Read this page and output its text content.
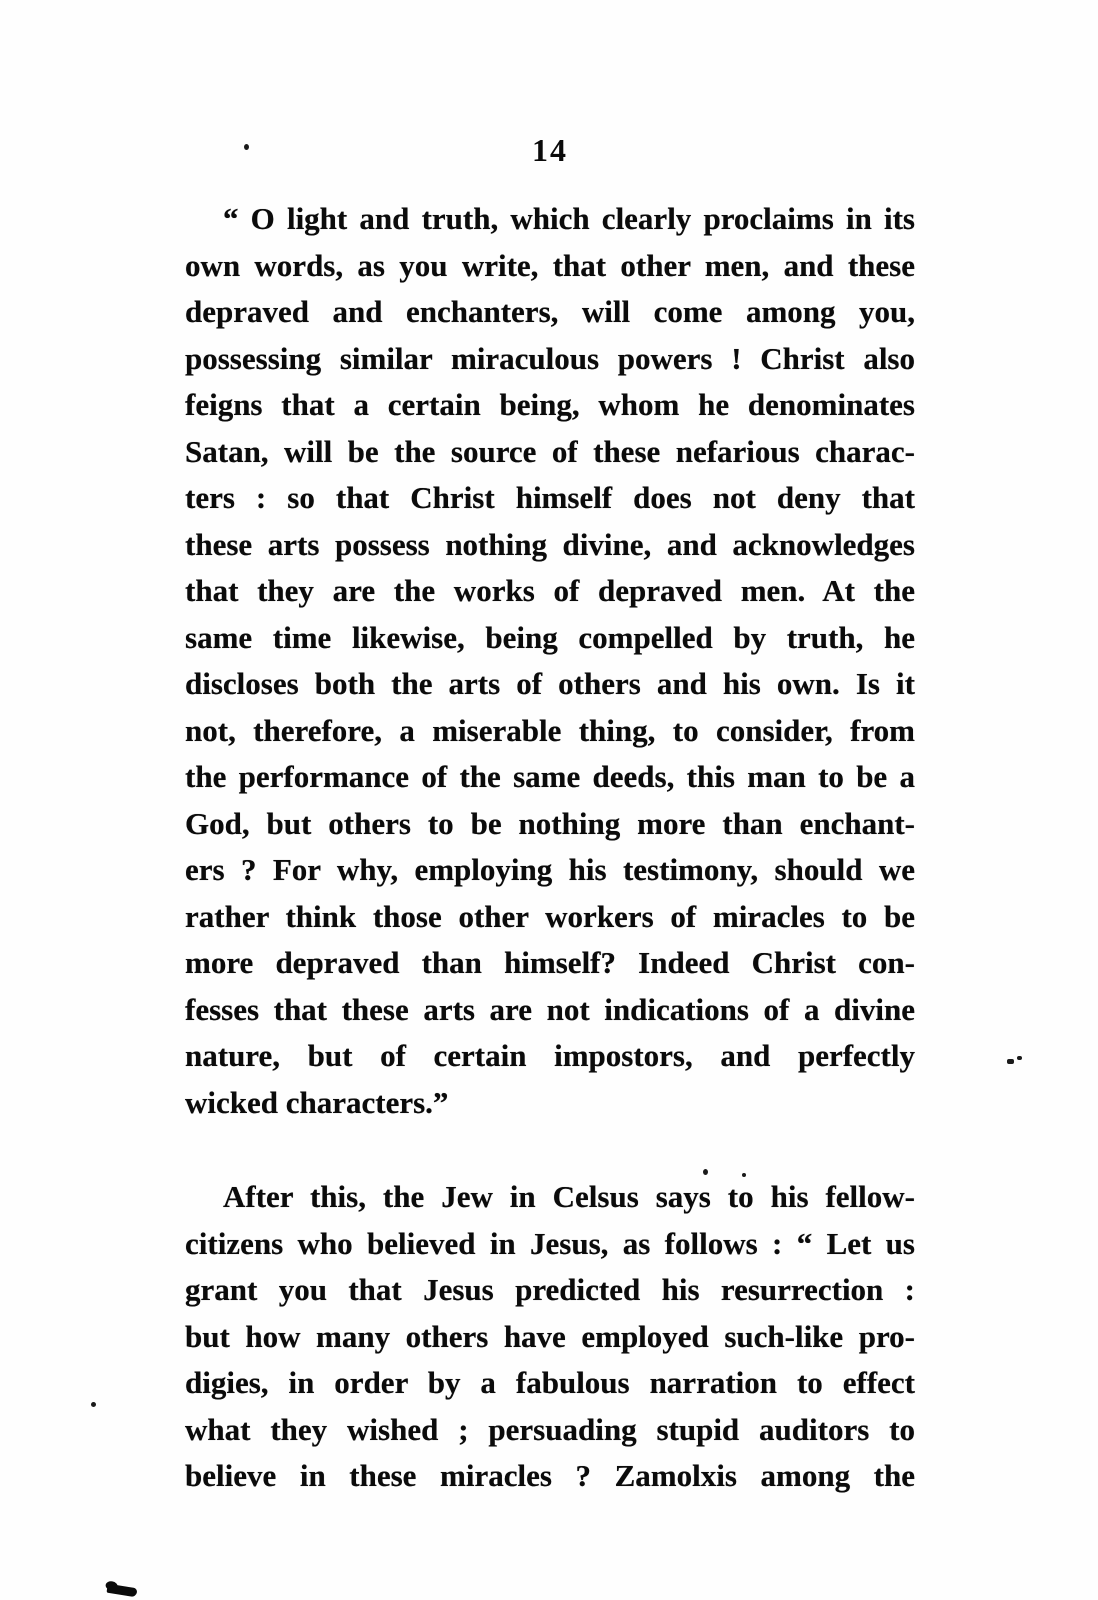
14
“ O light and truth, which clearly proclaims in its
own words, as you write, that other men, and these
depraved and enchanters, will come among you,
possessing similar miraculous powers ! Christ also
feigns that a certain being, whom he denominates
Satan, will be the source of these nefarious charac-
ters : so that Christ himself does not deny that
these arts possess nothing divine, and acknowledges
that they are the works of depraved men. At the
same time likewise, being compelled by truth, he
discloses both the arts of others and his own. Is it
not, therefore, a miserable thing, to consider, from
the performance of the same deeds, this man to be a
God, but others to be nothing more than enchant-
ers ? For why, employing his testimony, should we
rather think those other workers of miracles to be
more depraved than himself? Indeed Christ con-
fesses that these arts are not indications of a divine
nature, but of certain impostors, and perfectly
wicked characters.”
After this, the Jew in Celsus says to his fellow-
citizens who believed in Jesus, as follows : “ Let us
grant you that Jesus predicted his resurrection :
but how many others have employed such-like pro-
digies, in order by a fabulous narration to effect
what they wished ; persuading stupid auditors to
believe in these miracles ? Zamolxis among the
